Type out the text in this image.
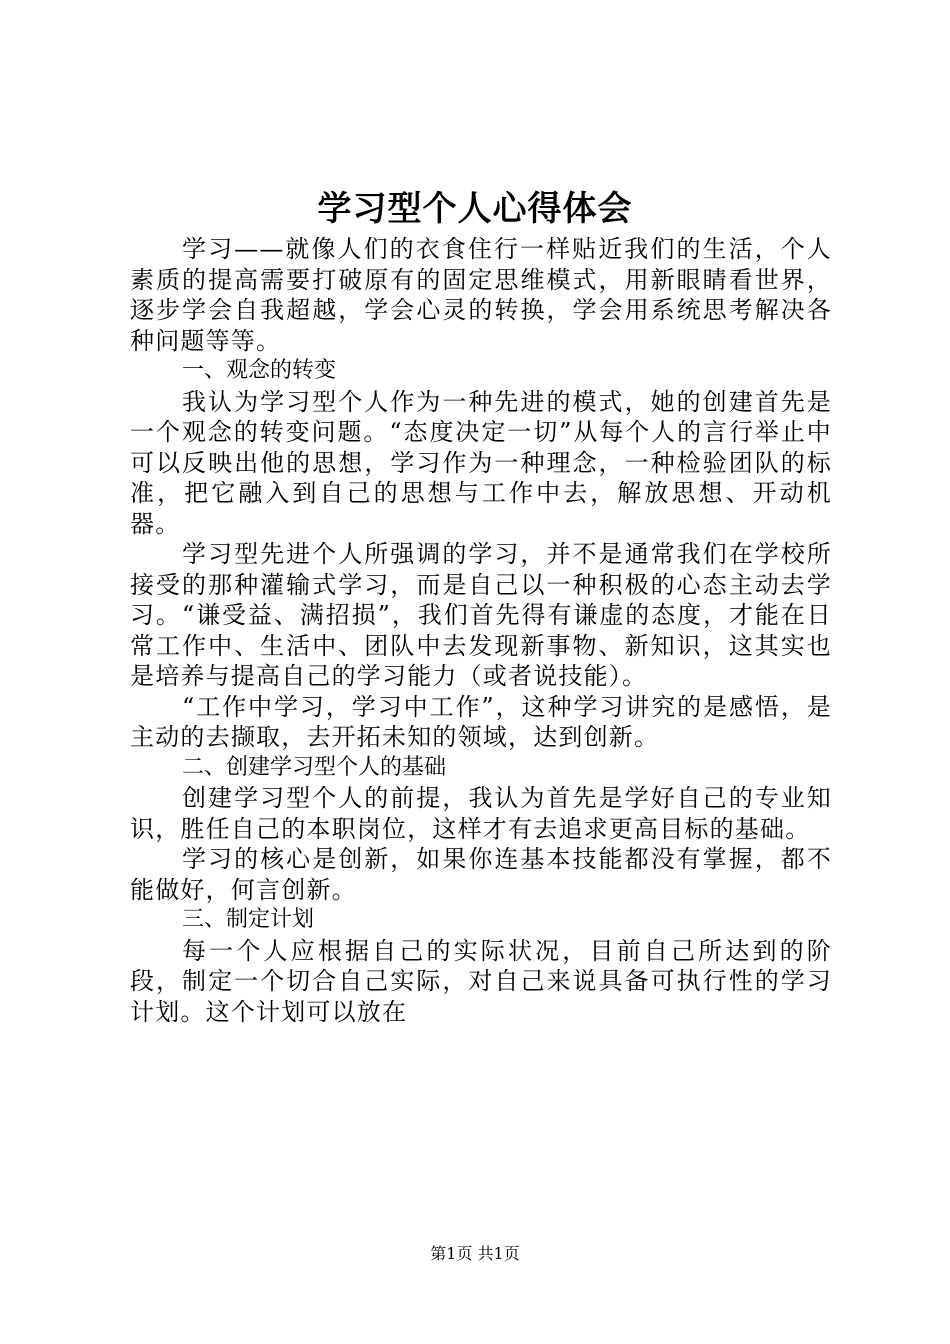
学习型个人心得体会

学习——就像人们的衣食住行一样贴近我们的生活，个人素质的提高需要打破原有的固定思维模式，用新眼睛看世界，逐步学会自我超越，学会心灵的转换，学会用系统思考解决各种问题等等。

一、观念的转变

我认为学习型个人作为一种先进的模式，她的创建首先是一个观念的转变问题。“态度决定一切”从每个人的言行举止中可以反映出他的思想，学习作为一种理念，一种检验团队的标准，把它融入到自己的思想与工作中去，解放思想、开动机器。

学习型先进个人所强调的学习，并不是通常我们在学校所接受的那种灌输式学习，而是自己以一种积极的心态主动去学习。“谦受益、满招损”，我们首先得有谦虚的态度，才能在日常工作中、生活中、团队中去发现新事物、新知识，这其实也是培养与提高自己的学习能力（或者说技能）。

“工作中学习，学习中工作”，这种学习讲究的是感悟，是主动的去撷取，去开拓未知的领域，达到创新。

二、创建学习型个人的基础

创建学习型个人的前提，我认为首先是学好自己的专业知识，胜任自己的本职岗位，这样才有去追求更高目标的基础。

学习的核心是创新，如果你连基本技能都没有掌握，都不能做好，何言创新。

三、制定计划

每一个人应根据自己的实际状况，目前自己所达到的阶段，制定一个切合自己实际，对自己来说具备可执行性的学习计划。这个计划可以放在

第1页 共1页
